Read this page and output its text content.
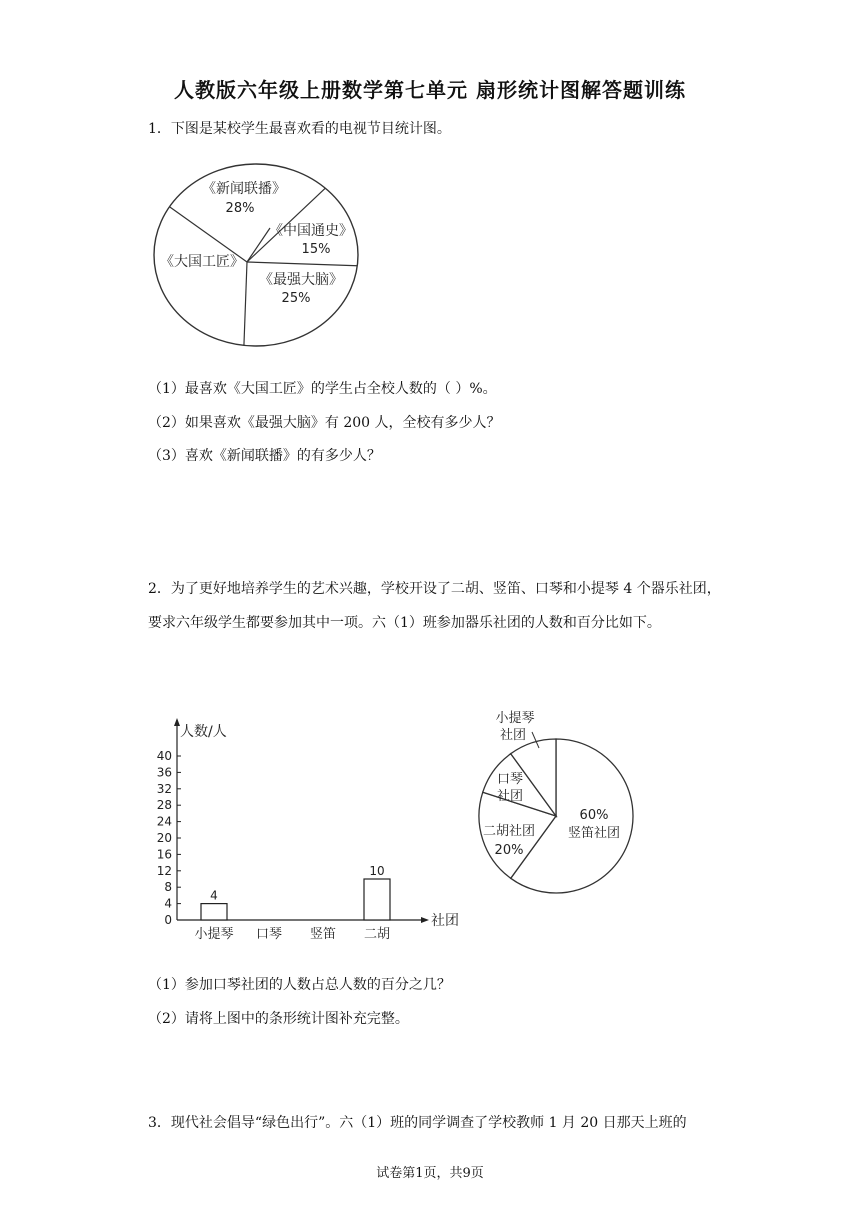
人教版六年级上册数学第七单元 扇形统计图解答题训练
1．下图是某校学生最喜欢看的电视节目统计图。
《新闻联播》
28%
《中国通史》
15%
《最强大脑》
25%
《大国工匠》
（1）最喜欢《大国工匠》的学生占全校人数的（ ）%。
（2）如果喜欢《最强大脑》有 200 人，全校有多少人？
（3）喜欢《新闻联播》的有多少人？
2．为了更好地培养学生的艺术兴趣，学校开设了二胡、竖笛、口琴和小提琴 4 个器乐社团，要求六年级学生都要参加其中一项。六（1）班参加器乐社团的人数和百分比如下。
人数/人
社团
0
4
8
12
16
20
24
28
32
36
40
4
10
小提琴 口琴 竖笛 二胡
60%
竖笛社团
二胡社团
20%
口琴
社团
小提琴
社团
（1）参加口琴社团的人数占总人数的百分之几？
（2）请将上图中的条形统计图补充完整。
3．现代社会倡导“绿色出行”。六（1）班的同学调查了学校教师 1 月 20 日那天上班的
试卷第1页，共9页
